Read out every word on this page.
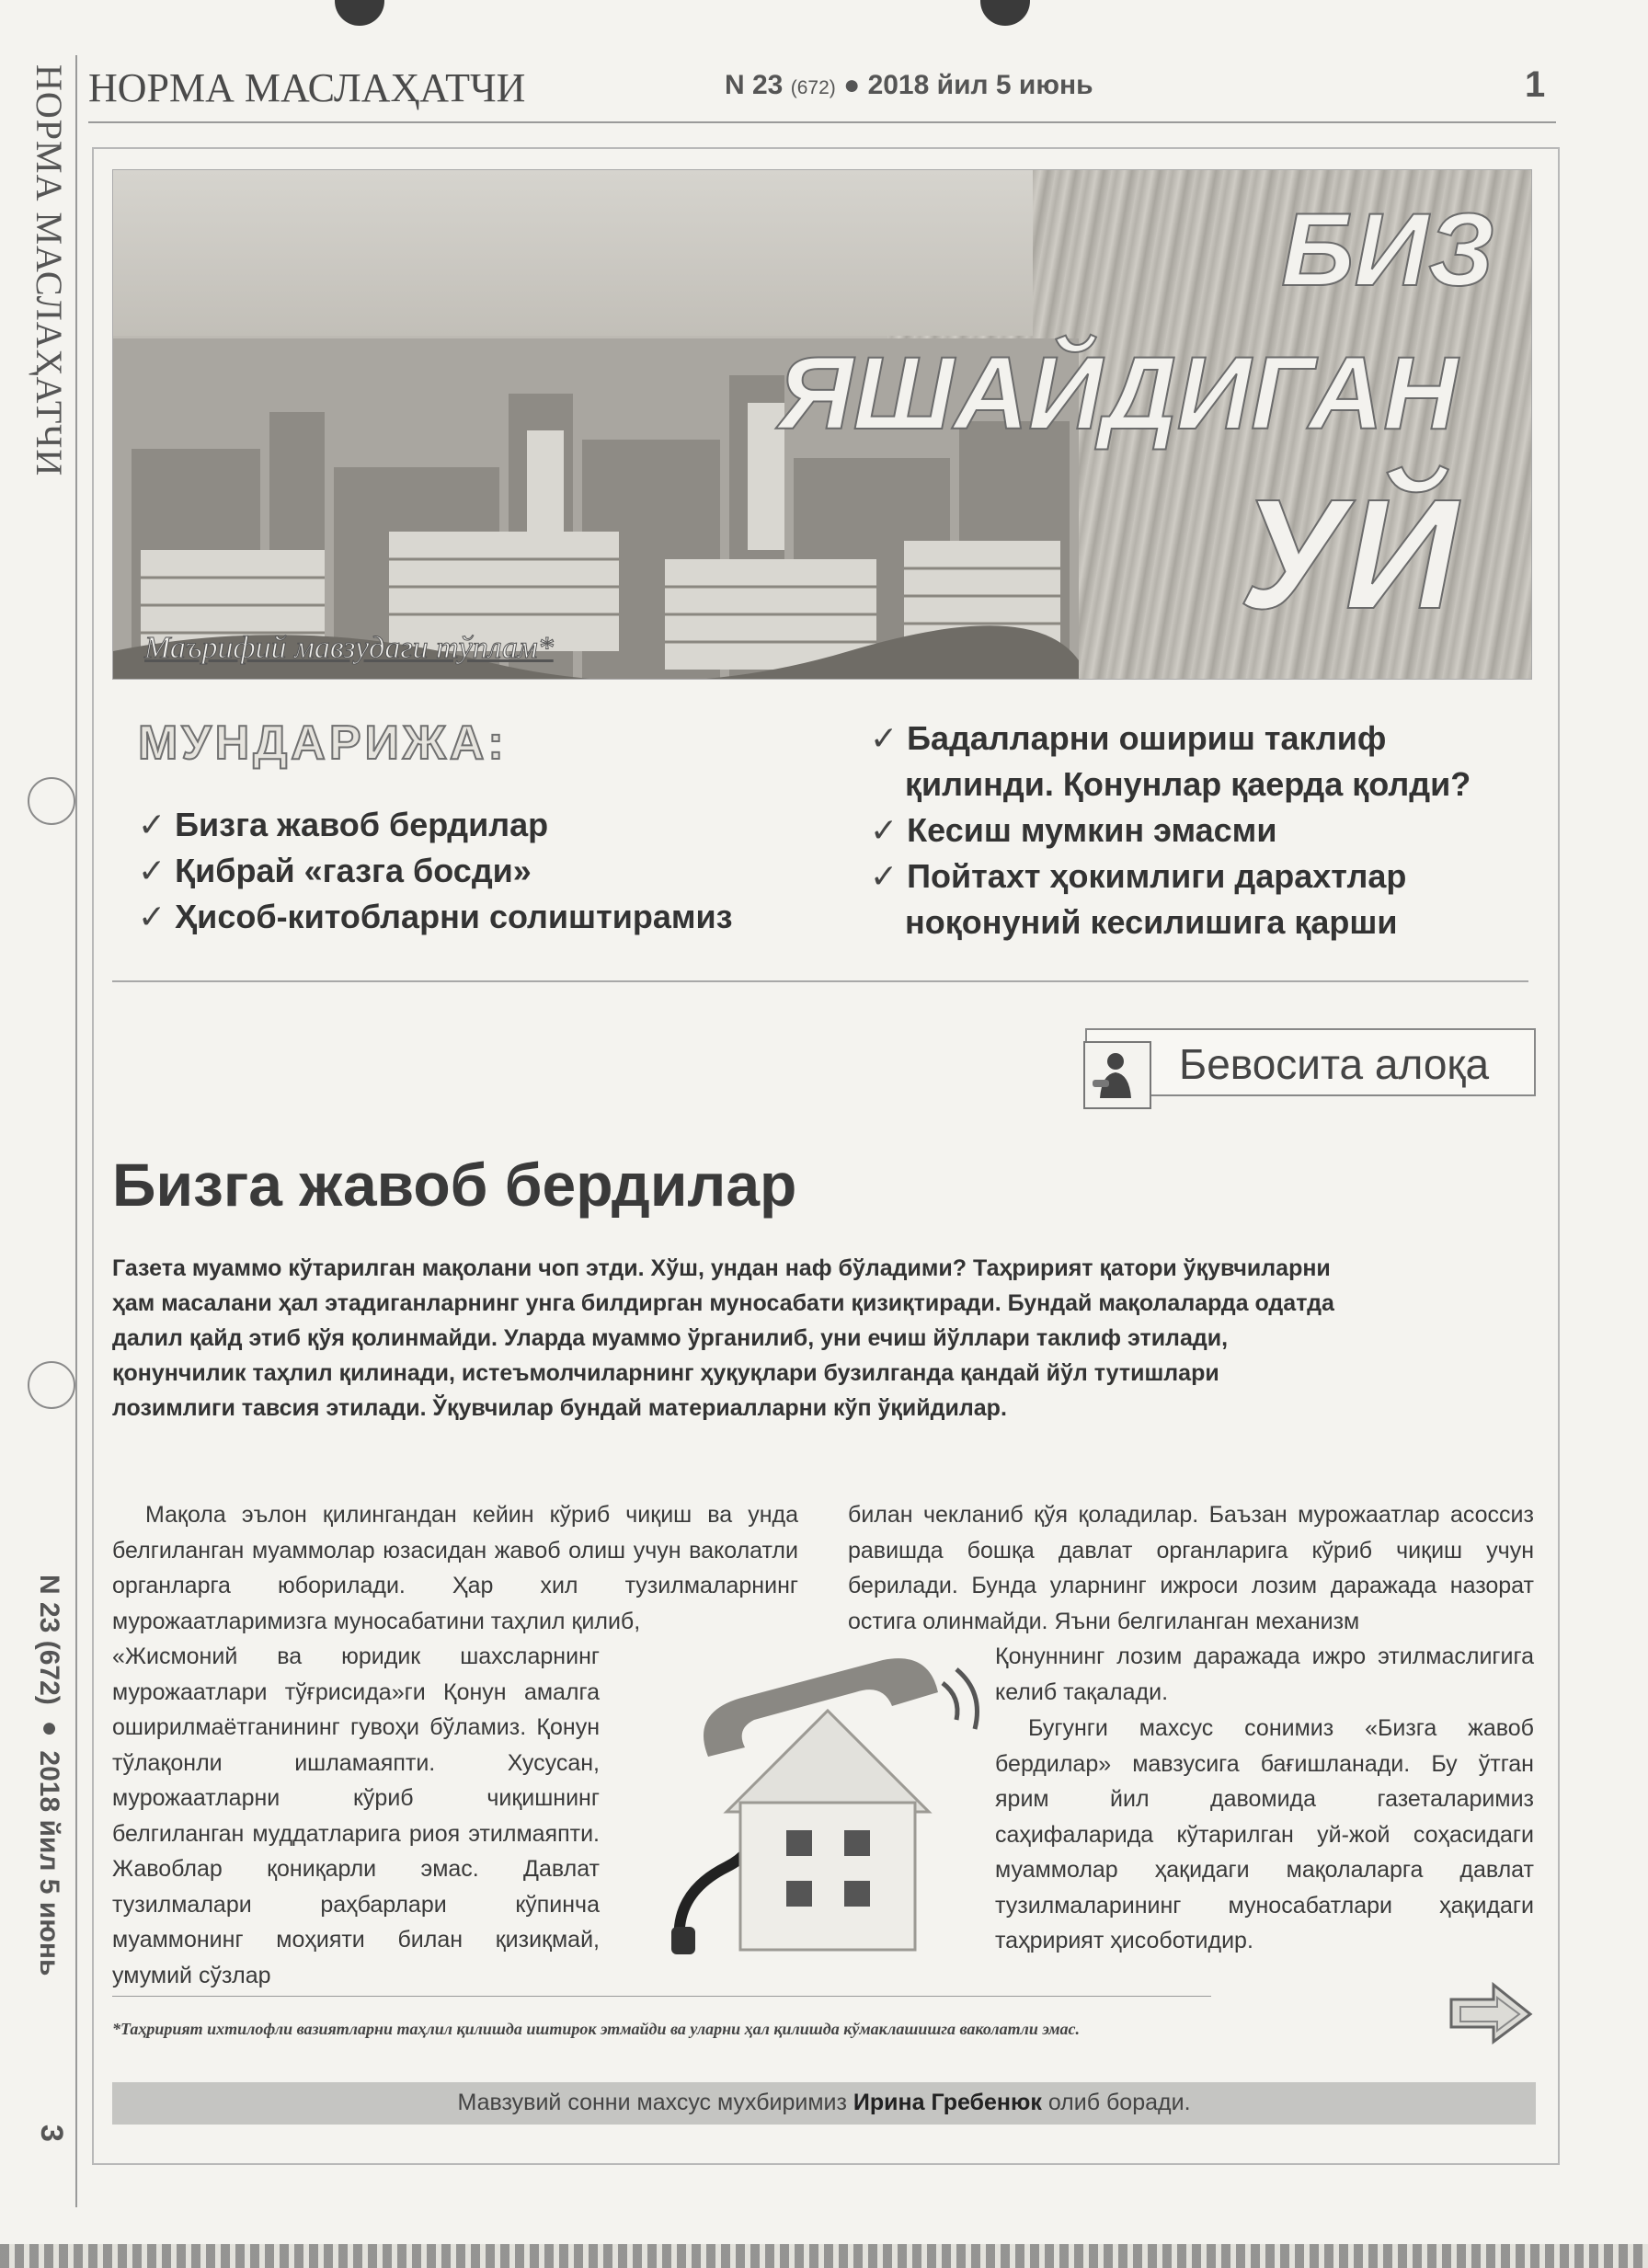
НОРМА МАСЛАҲАТЧИ
N 23 (672) ● 2018 йил 5 июнь
3
НОРМА МАСЛАҲАТЧИ	N 23 (672) ● 2018 йил 5 июнь	1
БИЗ
ЯШАЙДИГАН
УЙ
Маърифий мавзудаги тўплам*
МУНДАРИЖА:
✓ Бизга жавоб бердилар
✓ Қибрай «газга босди»
✓ Ҳисоб-китобларни солиштирамиз
✓ Бадалларни ошириш таклиф
қилинди. Қонунлар қаерда қолди?
✓ Кесиш мумкин эмасми
✓ Пойтахт ҳокимлиги дарахтлар
ноқонуний кесилишига қарши
Бевосита алоқа
Бизга жавоб бердилар
Газета муаммо кўтарилган мақолани чоп этди. Хўш, ундан наф бўладими? Таҳририят қатори ўқувчиларни ҳам масалани ҳал этадиганларнинг унга билдирган муносабати қизиқтиради. Бундай мақолаларда одатда далил қайд этиб қўя қолинмайди. Уларда муаммо ўрганилиб, уни ечиш йўллари таклиф этилади, қонунчилик таҳлил қилинади, истеъмолчиларнинг ҳуқуқлари бузилганда қандай йўл тутишлари лозимлиги тавсия этилади. Ўқувчилар бундай материалларни кўп ўқийдилар.
Мақола эълон қилингандан кейин кўриб чиқиш ва унда белгиланган муаммолар юзасидан жавоб олиш учун ваколатли органларга юборилади. Ҳар хил тузилмаларнинг мурожаатларимизга муносабатини таҳлил қилиб,
«Жисмоний ва юридик шахсларнинг мурожаатлари тўғрисида»ги Қонун амалга оширилмаётганининг гувоҳи бўламиз. Қонун тўлақонли ишламаяпти. Хусусан, мурожаатларни кўриб чиқишнинг белгиланган муддатларига риоя этилмаяпти. Жавоблар қониқарли эмас. Давлат тузилмалари раҳбарлари кўпинча муаммонинг моҳияти билан қизиқмай, умумий сўзлар
билан чекланиб қўя қоладилар. Баъзан мурожаатлар асоссиз равишда бошқа давлат органларига кўриб чиқиш учун берилади. Бунда уларнинг ижроси лозим даражада назорат остига олинмайди. Яъни белгиланган механизм
Қонуннинг лозим даражада ижро этилмаслигига келиб тақалади.
Бугунги махсус сонимиз «Бизга жавоб бердилар» мавзусига бағишланади. Бу ўтган ярим йил давомида газеталаримиз саҳифаларида кўтарилган уй-жой соҳасидаги муаммолар ҳақидаги мақолаларга давлат тузилмаларининг муносабатлари ҳақидаги таҳририят ҳисоботидир.
*Таҳририят ихтилофли вазиятларни таҳлил қилишда иштирок этмайди ва уларни ҳал қилишда кўмаклашишга ваколатли эмас.
Мавзувий сонни махсус мухбиримиз Ирина Гребенюк олиб боради.
